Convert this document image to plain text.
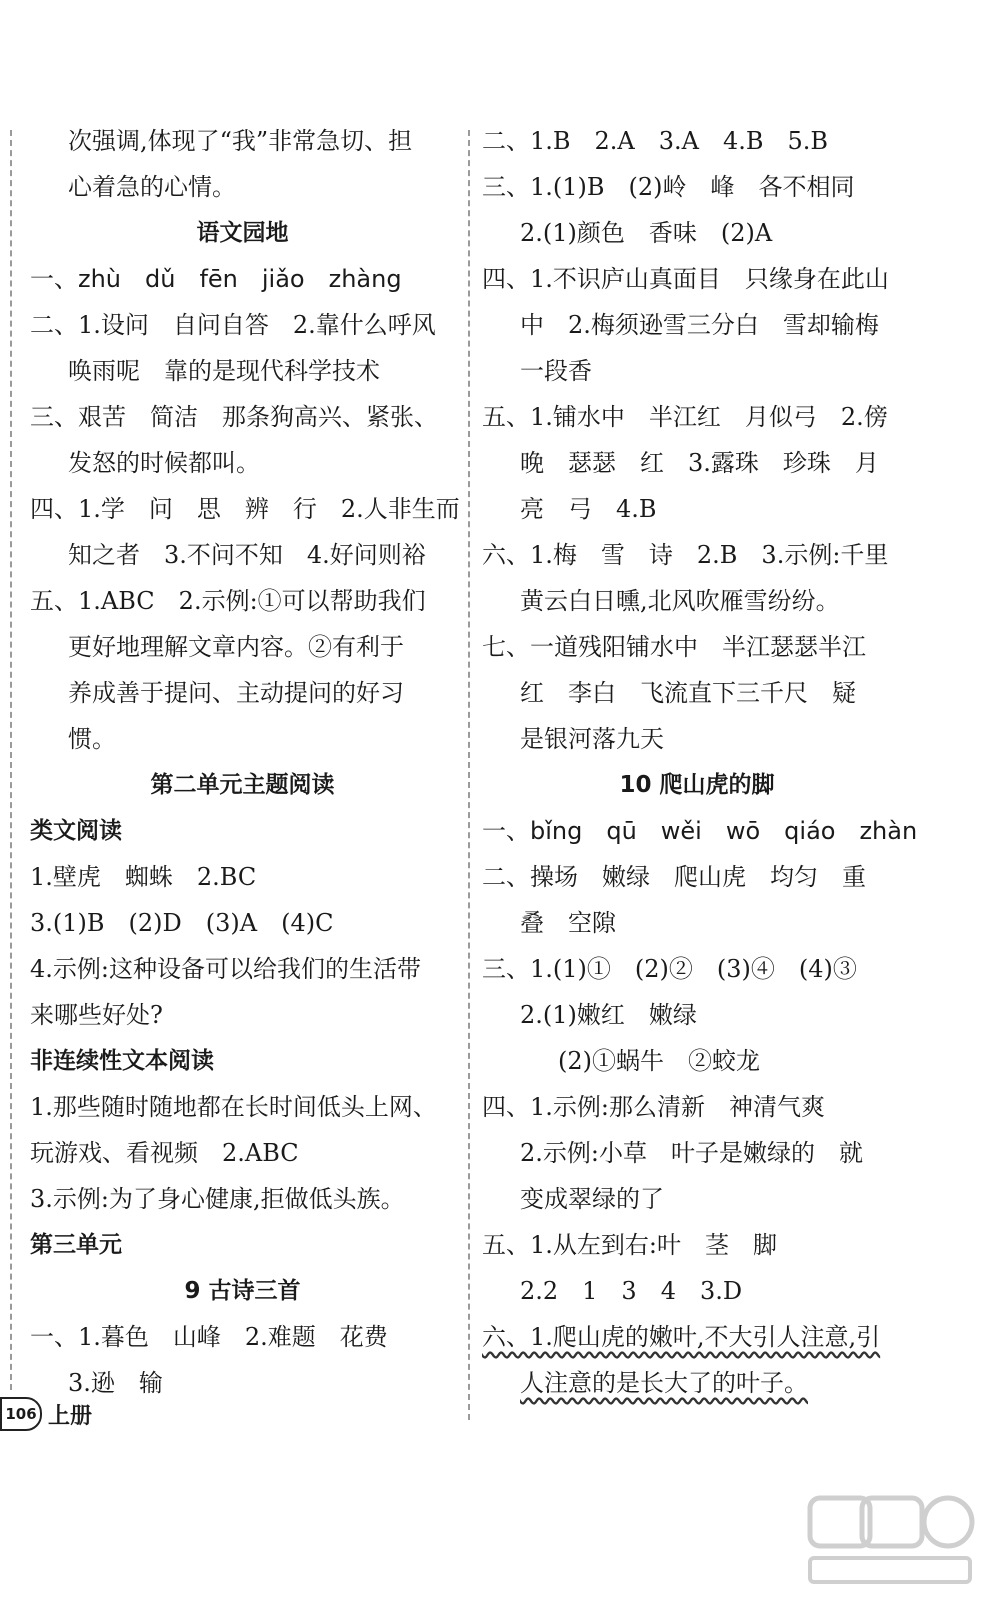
次强调,体现了“我”非常急切、担
心着急的心情。
语文园地
一、zhù　dǔ　fēn　jiǎo　zhàng
二、1.设问　自问自答　2.靠什么呼风
唤雨呢　靠的是现代科学技术
三、艰苦　简洁　那条狗高兴、紧张、
发怒的时候都叫。
四、1.学　问　思　辨　行　2.人非生而
知之者　3.不问不知　4.好问则裕
五、1.ABC　2.示例:①可以帮助我们
更好地理解文章内容。②有利于
养成善于提问、主动提问的好习
惯。
第二单元主题阅读
类文阅读
1.壁虎　蜘蛛　2.BC
3.(1)B　(2)D　(3)A　(4)C
4.示例:这种设备可以给我们的生活带
来哪些好处?
非连续性文本阅读
1.那些随时随地都在长时间低头上网、
玩游戏、看视频　2.ABC
3.示例:为了身心健康,拒做低头族。
第三单元
9 古诗三首
一、1.暮色　山峰　2.难题　花费
3.逊　输
二、1.B　2.A　3.A　4.B　5.B
三、1.(1)B　(2)岭　峰　各不相同
2.(1)颜色　香味　(2)A
四、1.不识庐山真面目　只缘身在此山
中　2.梅须逊雪三分白　雪却输梅
一段香
五、1.铺水中　半江红　月似弓　2.傍
晚　瑟瑟　红　3.露珠　珍珠　月
亮　弓　4.B
六、1.梅　雪　诗　2.B　3.示例:千里
黄云白日曛,北风吹雁雪纷纷。
七、一道残阳铺水中　半江瑟瑟半江
红　李白　飞流直下三千尺　疑
是银河落九天
10 爬山虎的脚
一、bǐng　qū　wěi　wō　qiáo　zhàn
二、操场　嫩绿　爬山虎　均匀　重
叠　空隙
三、1.(1)①　(2)②　(3)④　(4)③
2.(1)嫩红　嫩绿
(2)①蜗牛　②蛟龙
四、1.示例:那么清新　神清气爽
2.示例:小草　叶子是嫩绿的　就
变成翠绿的了
五、1.从左到右:叶　茎　脚
2.2　1　3　4　3.D
六、1.爬山虎的嫩叶,不大引人注意,引
人注意的是长大了的叶子。
106 上册
